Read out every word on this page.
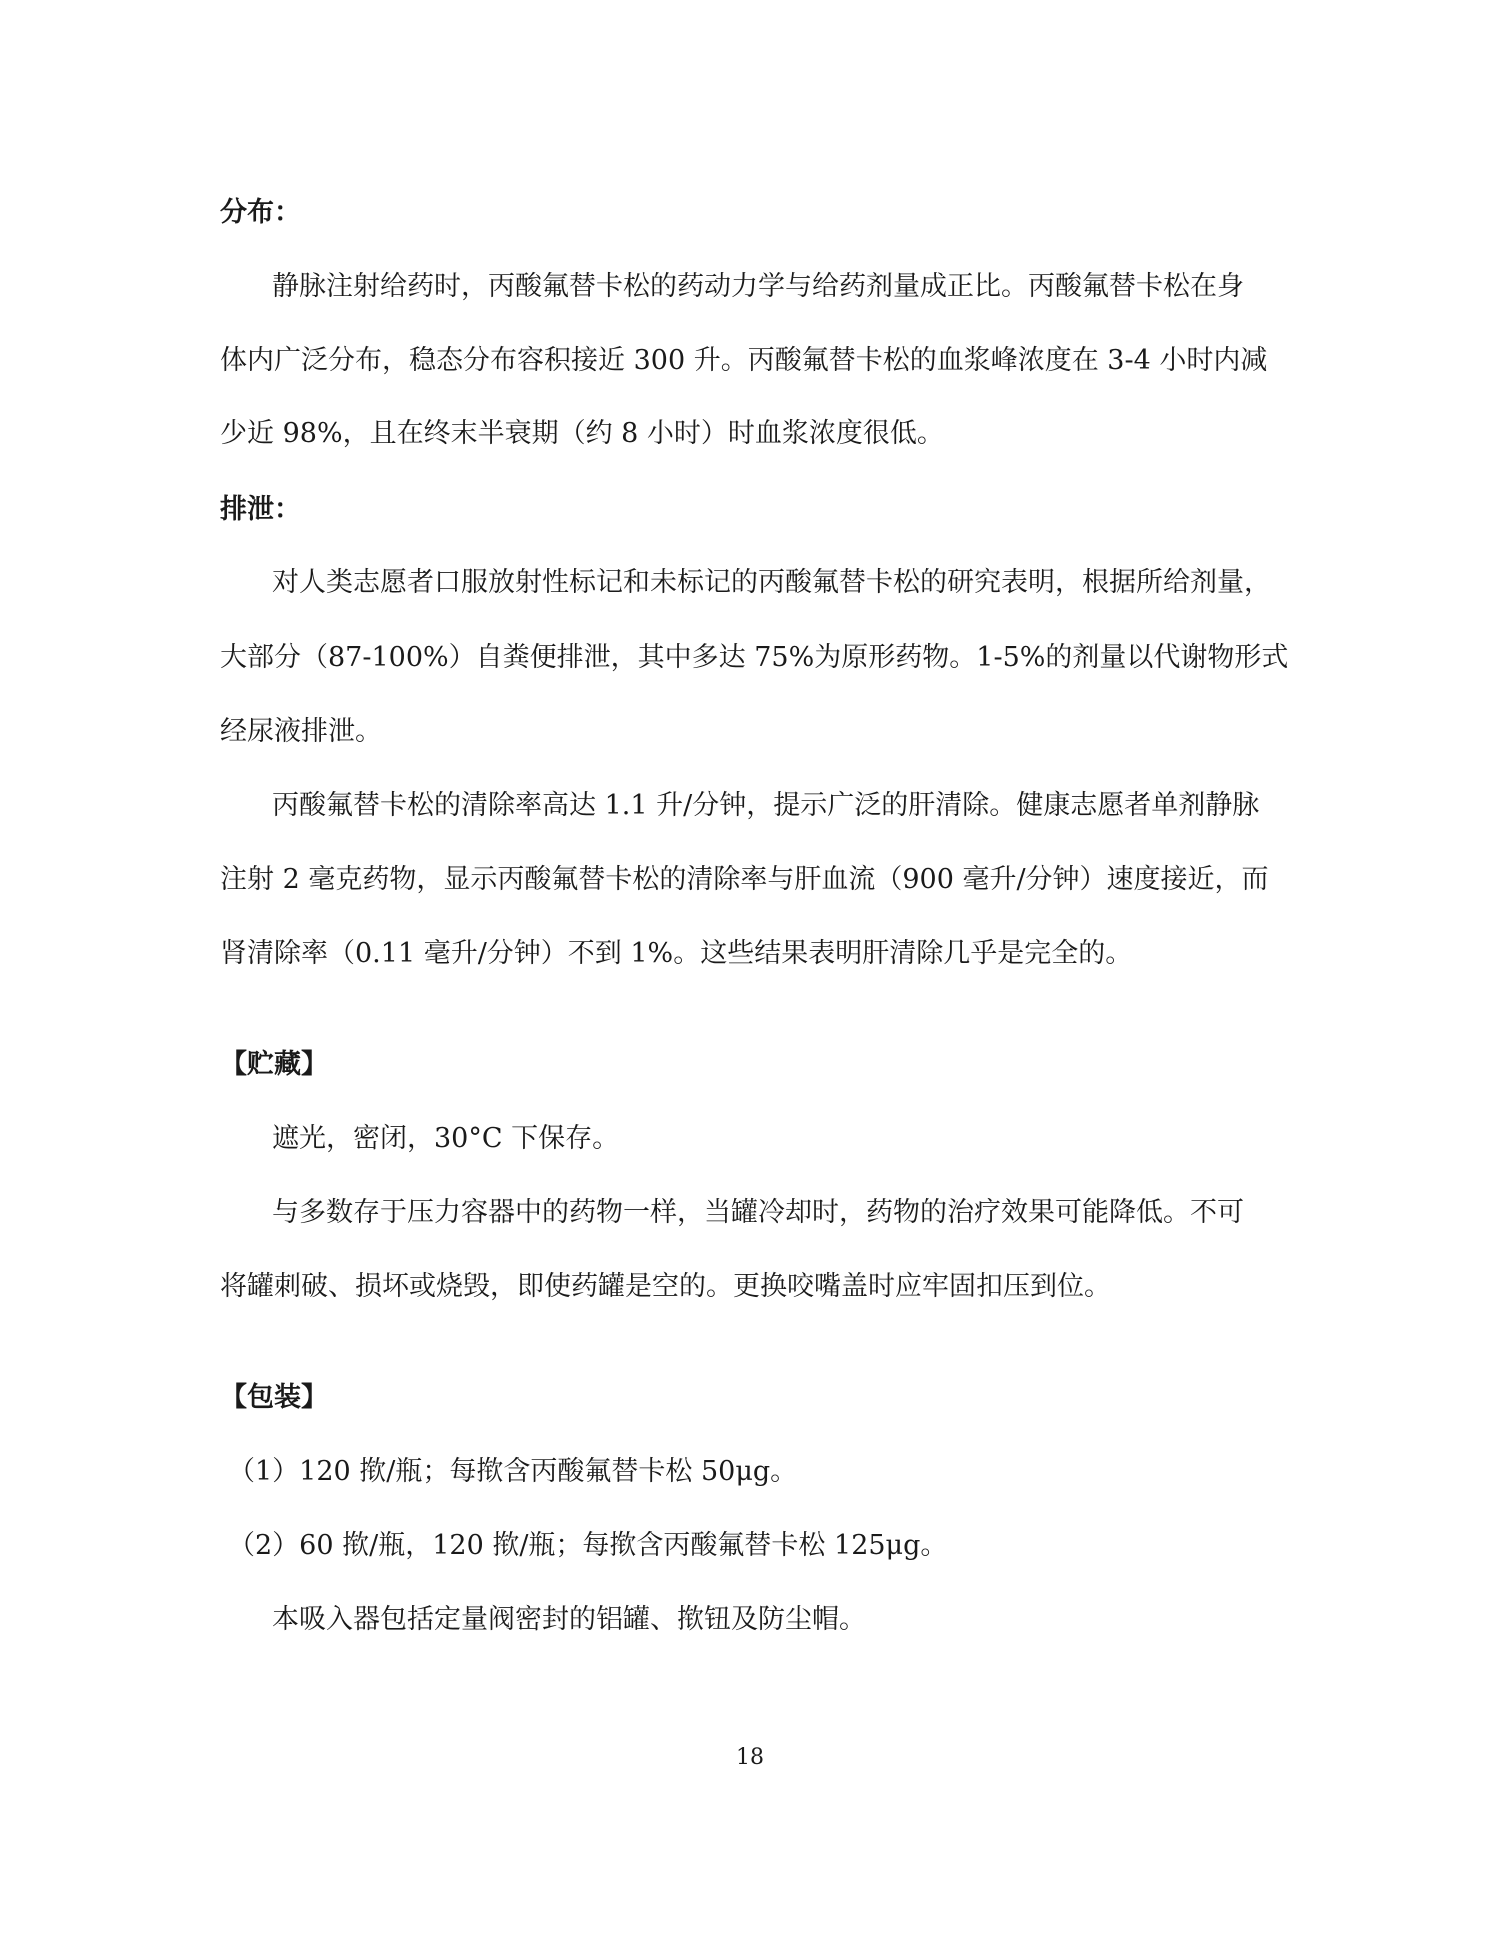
分布：
静脉注射给药时，丙酸氟替卡松的药动力学与给药剂量成正比。丙酸氟替卡松在身
体内广泛分布，稳态分布容积接近 300 升。丙酸氟替卡松的血浆峰浓度在 3-4 小时内减
少近 98%，且在终末半衰期（约 8 小时）时血浆浓度很低。
排泄：
对人类志愿者口服放射性标记和未标记的丙酸氟替卡松的研究表明，根据所给剂量，
大部分（87-100%）自粪便排泄，其中多达 75%为原形药物。1-5%的剂量以代谢物形式
经尿液排泄。
丙酸氟替卡松的清除率高达 1.1 升/分钟，提示广泛的肝清除。健康志愿者单剂静脉
注射 2 毫克药物，显示丙酸氟替卡松的清除率与肝血流（900 毫升/分钟）速度接近，而
肾清除率（0.11 毫升/分钟）不到 1%。这些结果表明肝清除几乎是完全的。
【贮藏】
遮光，密闭，30°C 下保存。
与多数存于压力容器中的药物一样，当罐冷却时，药物的治疗效果可能降低。不可
将罐刺破、损坏或烧毁，即使药罐是空的。更换咬嘴盖时应牢固扣压到位。
【包装】
（1）120 揿/瓶；每揿含丙酸氟替卡松 50μg。
（2）60 揿/瓶，120 揿/瓶；每揿含丙酸氟替卡松 125μg。
本吸入器包括定量阀密封的铝罐、揿钮及防尘帽。
18
